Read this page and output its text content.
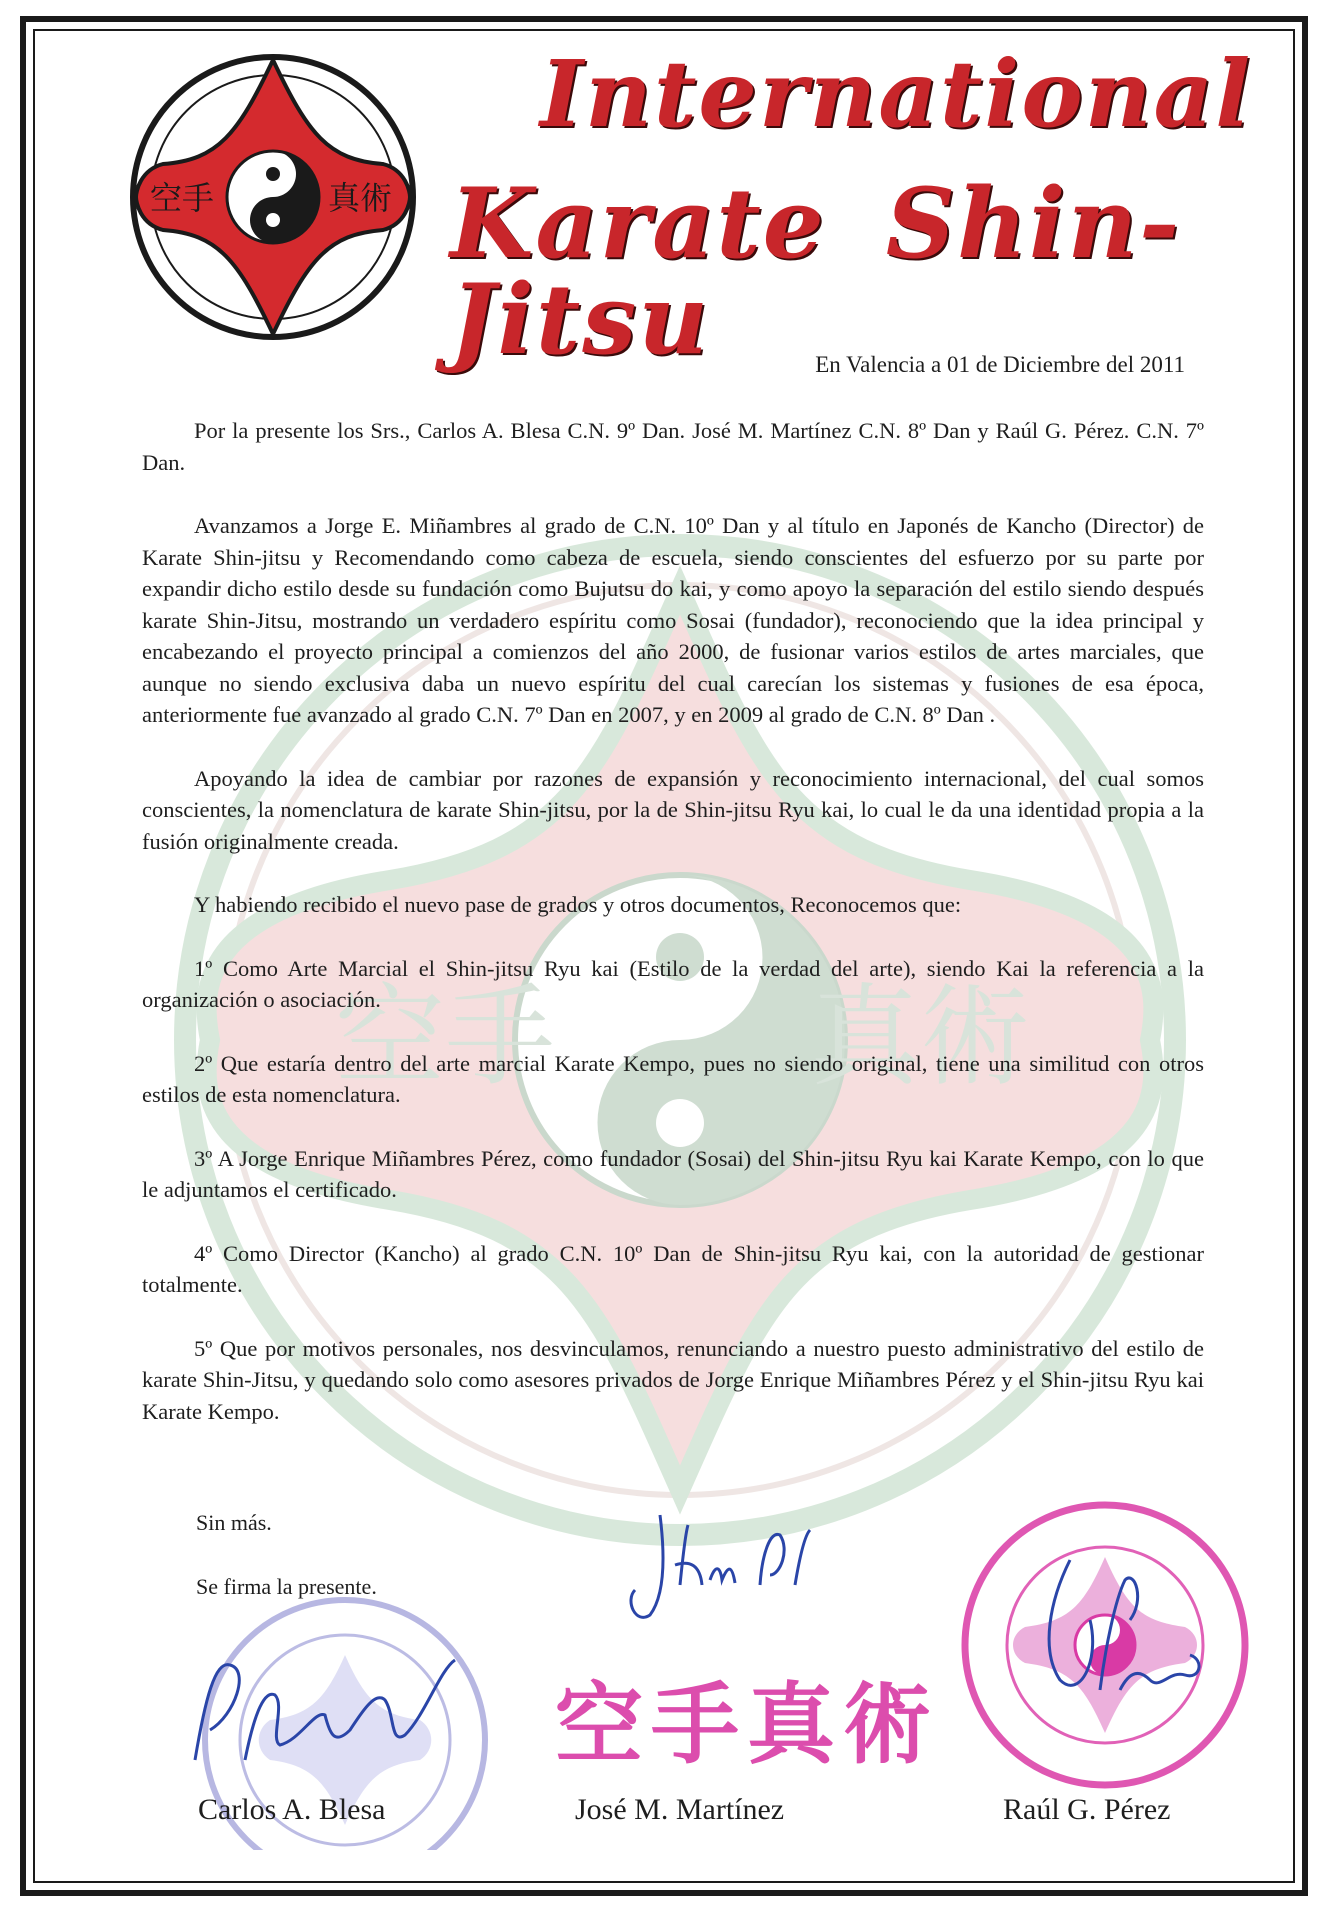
空手 真術
空手	真術
International
Karate Shin-Jitsu	En Valencia a 01 de Diciembre del 2011

Por la presente los Srs., Carlos A. Blesa C.N. 9º Dan. José M. Martínez C.N. 8º Dan y Raúl G. Pérez. C.N. 7º Dan.

Avanzamos a Jorge E. Miñambres al grado de C.N. 10º Dan y al título en Japonés de Kancho (Director) de Karate Shin-jitsu y Recomendando como cabeza de escuela, siendo conscientes del esfuerzo por su parte por expandir dicho estilo desde su fundación como Bujutsu do kai, y como apoyo la separación del estilo siendo después karate Shin-Jitsu, mostrando un verdadero espíritu como Sosai (fundador), reconociendo que la idea principal y encabezando el proyecto principal a comienzos del año 2000, de fusionar varios estilos de artes marciales, que aunque no siendo exclusiva daba un nuevo espíritu del cual carecían los sistemas y fusiones de esa época, anteriormente fue avanzado al grado C.N. 7º Dan en 2007, y en 2009 al grado de C.N. 8º Dan .

Apoyando la idea de cambiar por razones de expansión y reconocimiento internacional, del cual somos conscientes, la nomenclatura de karate Shin-jitsu, por la de Shin-jitsu Ryu kai, lo cual le da una identidad propia a la fusión originalmente creada.

Y habiendo recibido el nuevo pase de grados y otros documentos, Reconocemos que:

1º Como Arte Marcial el Shin-jitsu Ryu kai (Estilo de la verdad del arte), siendo Kai la referencia a la organización o asociación.

2º Que estaría dentro del arte marcial Karate Kempo, pues no siendo original, tiene una similitud con otros estilos de esta nomenclatura.

3º A Jorge Enrique Miñambres Pérez, como fundador (Sosai) del Shin-jitsu Ryu kai Karate Kempo, con lo que le adjuntamos el certificado.

4º Como Director (Kancho) al grado C.N. 10º Dan de Shin-jitsu Ryu kai, con la autoridad de gestionar totalmente.

5º Que por motivos personales, nos desvinculamos, renunciando a nuestro puesto administrativo del estilo de karate Shin-Jitsu, y quedando solo como asesores privados de Jorge Enrique Miñambres Pérez y el Shin-jitsu Ryu kai Karate Kempo.

Sin más.
Se firma la presente.
空手真術
Carlos A. Blesa	José M. Martínez	Raúl G. Pérez
